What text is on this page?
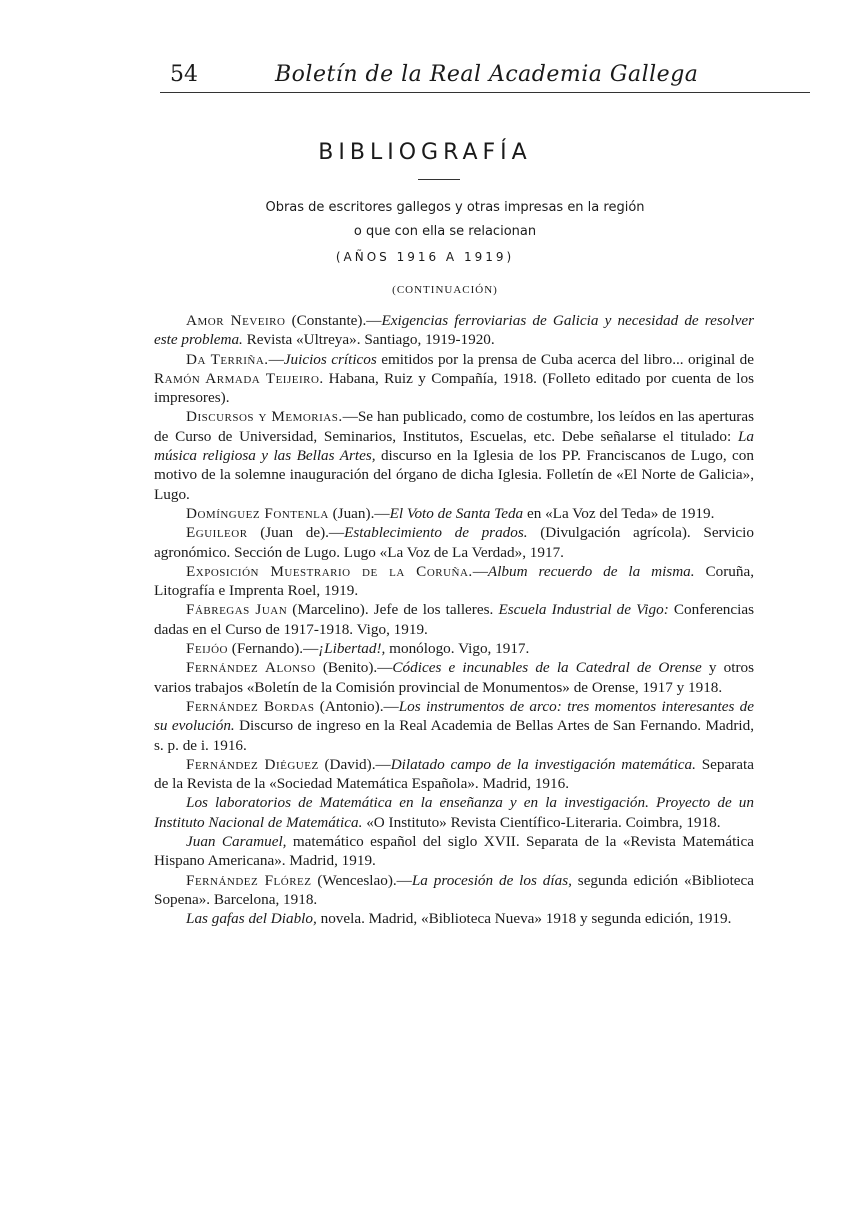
54	Boletín de la Real Academia Gallega
BIBLIOGRAFÍA
Obras de escritores gallegos y otras impresas en la región
o que con ella se relacionan
(AÑOS 1916 A 1919)
(CONTINUACIÓN)

Amor Neveiro (Constante).—Exigencias ferroviarias de Galicia y necesidad de resolver este problema. Revista «Ultreya». Santiago, 1919-1920.

Da Terriña.—Juicios críticos emitidos por la prensa de Cuba acerca del libro... original de Ramón Armada Teijeiro. Habana, Ruiz y Compañía, 1918. (Folleto editado por cuenta de los impresores).

Discursos y Memorias.—Se han publicado, como de costumbre, los leídos en las aperturas de Curso de Universidad, Seminarios, Institutos, Escuelas, etc. Debe señalarse el titulado: La música religiosa y las Bellas Artes, discurso en la Iglesia de los PP. Franciscanos de Lugo, con motivo de la solemne inauguración del órgano de dicha Iglesia. Folletín de «El Norte de Galicia», Lugo.

Domínguez Fontenla (Juan).—El Voto de Santa Teda en «La Voz del Teda» de 1919.

Eguileor (Juan de).—Establecimiento de prados. (Divulgación agrícola). Servicio agronómico. Sección de Lugo. Lugo «La Voz de La Verdad», 1917.

Exposición Muestrario de la Coruña.—Album recuerdo de la misma. Coruña, Litografía e Imprenta Roel, 1919.

Fábregas Juan (Marcelino). Jefe de los talleres. Escuela Industrial de Vigo: Conferencias dadas en el Curso de 1917-1918. Vigo, 1919.

Feijóo (Fernando).—¡Libertad!, monólogo. Vigo, 1917.

Fernández Alonso (Benito).—Códices e incunables de la Catedral de Orense y otros varios trabajos «Boletín de la Comisión provincial de Monumentos» de Orense, 1917 y 1918.

Fernández Bordas (Antonio).—Los instrumentos de arco: tres momentos interesantes de su evolución. Discurso de ingreso en la Real Academia de Bellas Artes de San Fernando. Madrid, s. p. de i. 1916.

Fernández Diéguez (David).—Dilatado campo de la investigación matemática. Separata de la Revista de la «Sociedad Matemática Española». Madrid, 1916.

Los laboratorios de Matemática en la enseñanza y en la investigación. Proyecto de un Instituto Nacional de Matemática. «O Instituto» Revista Científico-Literaria. Coimbra, 1918.

Juan Caramuel, matemático español del siglo XVII. Separata de la «Revista Matemática Hispano Americana». Madrid, 1919.

Fernández Flórez (Wenceslao).—La procesión de los días, segunda edición «Biblioteca Sopena». Barcelona, 1918.

Las gafas del Diablo, novela. Madrid, «Biblioteca Nueva» 1918 y segunda edición, 1919.
